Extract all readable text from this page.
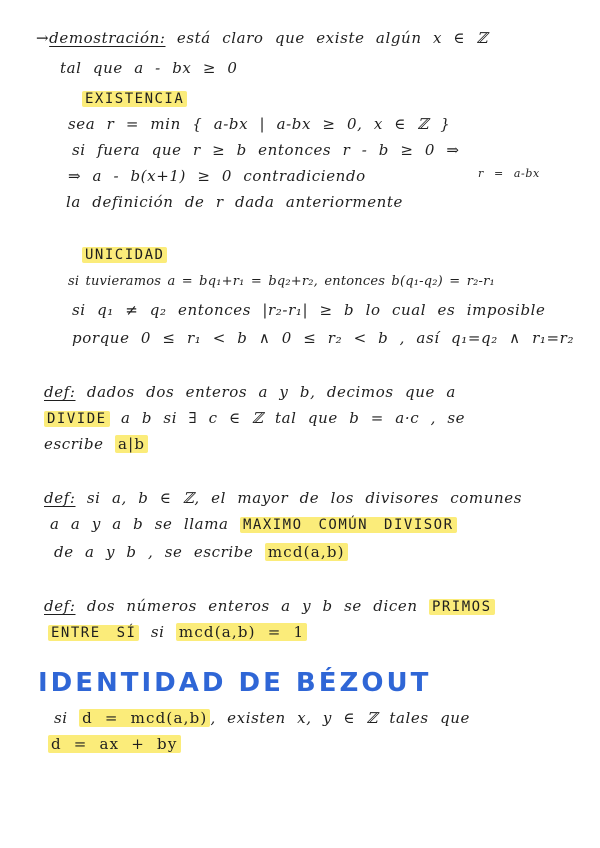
→demostración: está claro que existe algún x ∈ ℤ
tal que a - bx ≥ 0
EXISTENCIA
sea r = min { a-bx | a-bx ≥ 0, x ∈ ℤ }
si fuera que r ≥ b entonces r - b ≥ 0 ⇒
⇒ a - b(x+1) ≥ 0 contradiciendo	r = a-bx
la definición de r dada anteriormente
UNICIDAD
si tuvieramos a = bq₁+r₁ = bq₂+r₂, entonces b(q₁-q₂) = r₂-r₁
si q₁ ≠ q₂ entonces |r₂-r₁| ≥ b lo cual es imposible
porque 0 ≤ r₁ < b ∧ 0 ≤ r₂ < b , así q₁=q₂ ∧ r₁=r₂
def: dados dos enteros a y b, decimos que a
DIVIDE a b si ∃ c ∈ ℤ tal que b = a·c , se
escribe a|b
def: si a, b ∈ ℤ, el mayor de los divisores comunes
a a y a b se llama MAXIMO COMÚN DIVISOR
de a y b , se escribe mcd(a,b)
def: dos números enteros a y b se dicen PRIMOS
ENTRE SÍ si mcd(a,b) = 1
IDENTIDAD DE BÉZOUT
si d = mcd(a,b) , existen x, y ∈ ℤ tales que
d = ax + by
